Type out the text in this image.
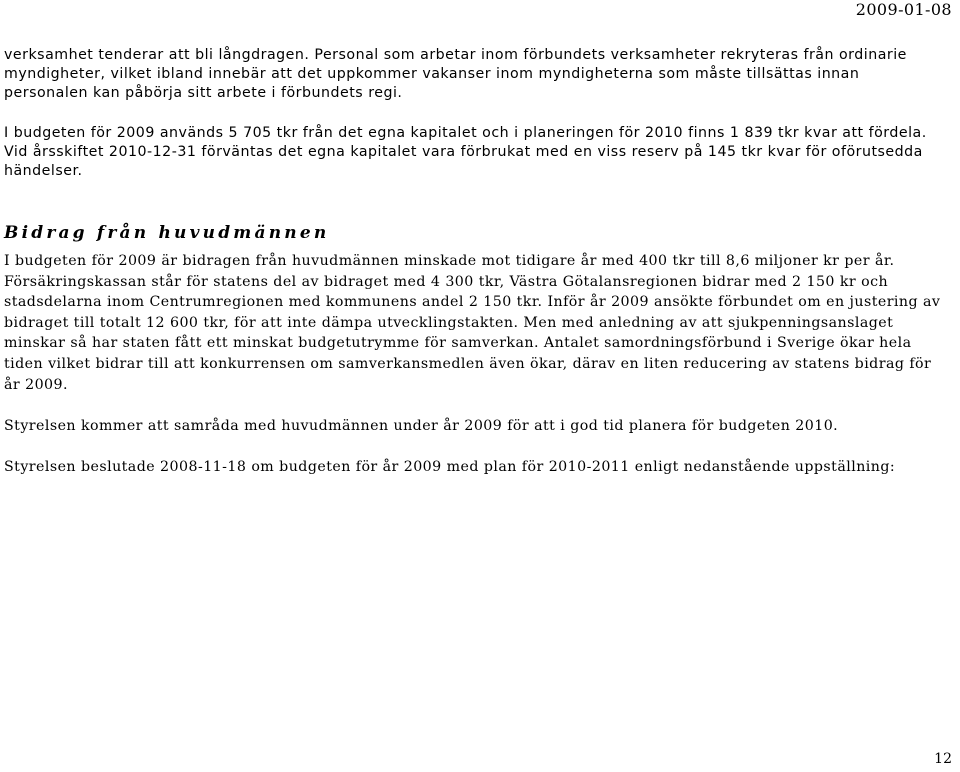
2009-01-08

verksamhet tenderar att bli långdragen. Personal som arbetar inom förbundets verksamheter rekryteras från ordinarie myndigheter, vilket ibland innebär att det uppkommer vakanser inom myndigheterna som måste tillsättas innan personalen kan påbörja sitt arbete i förbundets regi.

I budgeten för 2009 används 5 705 tkr från det egna kapitalet och i planeringen för 2010 finns 1 839 tkr kvar att fördela. Vid årsskiftet 2010-12-31 förväntas det egna kapitalet vara förbrukat med en viss reserv på 145 tkr kvar för oförutsedda händelser.

Bidrag från huvudmännen

I budgeten för 2009 är bidragen från huvudmännen minskade mot tidigare år med 400 tkr till 8,6 miljoner kr per år. Försäkringskassan står för statens del av bidraget med 4 300 tkr, Västra Götalansregionen bidrar med 2 150 kr och stadsdelarna inom Centrumregionen med kommunens andel 2 150 tkr. Inför år 2009 ansökte förbundet om en justering av bidraget till totalt 12 600 tkr, för att inte dämpa utvecklingstakten. Men med anledning av att sjukpenningsanslaget minskar så har staten fått ett minskat budgetutrymme för samverkan. Antalet samordningsförbund i Sverige ökar hela tiden vilket bidrar till att konkurrensen om samverkansmedlen även ökar, därav en liten reducering av statens bidrag för år 2009.

Styrelsen kommer att samråda med huvudmännen under år 2009 för att i god tid planera för budgeten 2010.

Styrelsen beslutade 2008-11-18 om budgeten för år 2009 med plan för 2010-2011 enligt nedanstående uppställning:

12
